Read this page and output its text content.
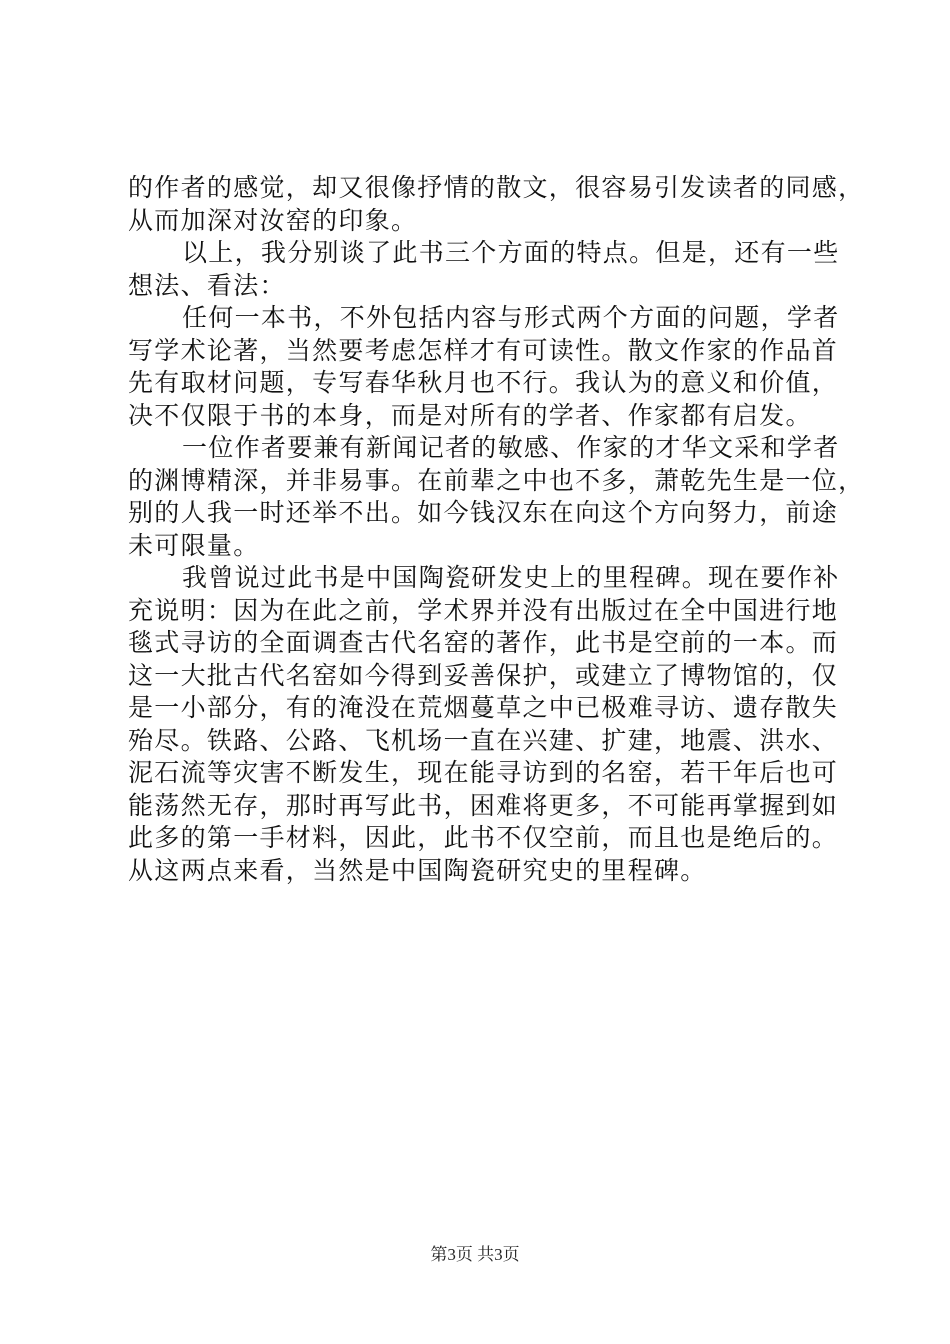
的作者的感觉，却又很像抒情的散文，很容易引发读者的同感，
从而加深对汝窑的印象。
以上，我分别谈了此书三个方面的特点。但是，还有一些
想法、看法：
任何一本书，不外包括内容与形式两个方面的问题，学者
写学术论著，当然要考虑怎样才有可读性。散文作家的作品首
先有取材问题，专写春华秋月也不行。我认为的意义和价值，
决不仅限于书的本身，而是对所有的学者、作家都有启发。
一位作者要兼有新闻记者的敏感、作家的才华文采和学者
的渊博精深，并非易事。在前辈之中也不多，萧乾先生是一位，
别的人我一时还举不出。如今钱汉东在向这个方向努力，前途
未可限量。
我曾说过此书是中国陶瓷研发史上的里程碑。现在要作补
充说明：因为在此之前，学术界并没有出版过在全中国进行地
毯式寻访的全面调查古代名窑的著作，此书是空前的一本。而
这一大批古代名窑如今得到妥善保护，或建立了博物馆的，仅
是一小部分，有的淹没在荒烟蔓草之中已极难寻访、遗存散失
殆尽。铁路、公路、飞机场一直在兴建、扩建，地震、洪水、
泥石流等灾害不断发生，现在能寻访到的名窑，若干年后也可
能荡然无存，那时再写此书，困难将更多，不可能再掌握到如
此多的第一手材料，因此，此书不仅空前，而且也是绝后的。
从这两点来看，当然是中国陶瓷研究史的里程碑。
第3页 共3页
